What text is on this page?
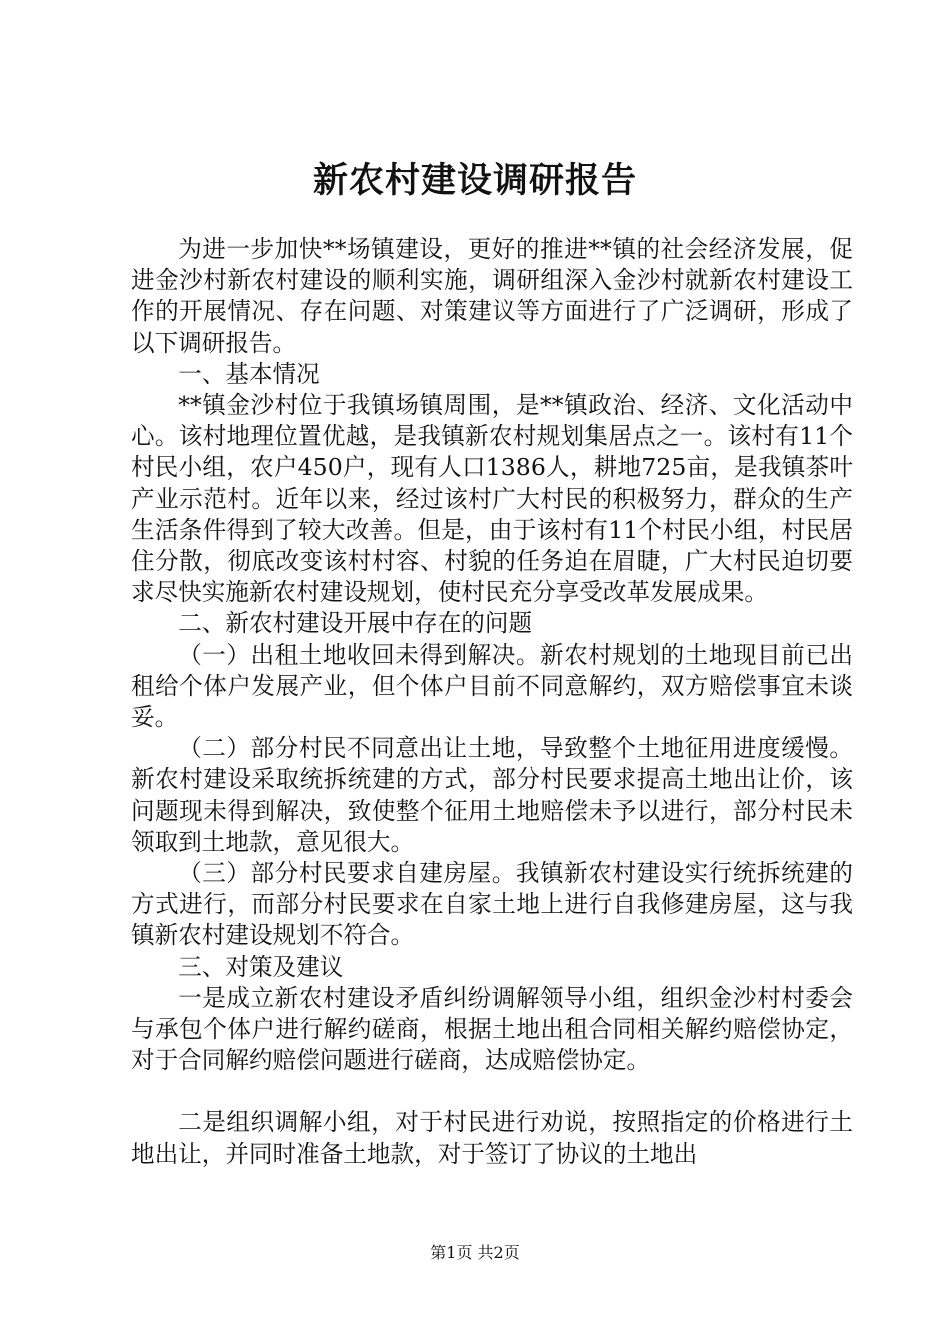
新农村建设调研报告

为进一步加快**场镇建设，更好的推进**镇的社会经济发展，促进金沙村新农村建设的顺利实施，调研组深入金沙村就新农村建设工作的开展情况、存在问题、对策建议等方面进行了广泛调研，形成了以下调研报告。

一、基本情况

**镇金沙村位于我镇场镇周围，是**镇政治、经济、文化活动中心。该村地理位置优越，是我镇新农村规划集居点之一。该村有11个村民小组，农户450户，现有人口1386人，耕地725亩，是我镇茶叶产业示范村。近年以来，经过该村广大村民的积极努力，群众的生产生活条件得到了较大改善。但是，由于该村有11个村民小组，村民居住分散，彻底改变该村村容、村貌的任务迫在眉睫，广大村民迫切要求尽快实施新农村建设规划，使村民充分享受改革发展成果。

二、新农村建设开展中存在的问题

（一）出租土地收回未得到解决。新农村规划的土地现目前已出租给个体户发展产业，但个体户目前不同意解约，双方赔偿事宜未谈妥。

（二）部分村民不同意出让土地，导致整个土地征用进度缓慢。新农村建设采取统拆统建的方式，部分村民要求提高土地出让价，该问题现未得到解决，致使整个征用土地赔偿未予以进行，部分村民未领取到土地款，意见很大。

（三）部分村民要求自建房屋。我镇新农村建设实行统拆统建的方式进行，而部分村民要求在自家土地上进行自我修建房屋，这与我镇新农村建设规划不符合。

三、对策及建议

一是成立新农村建设矛盾纠纷调解领导小组，组织金沙村村委会与承包个体户进行解约磋商，根据土地出租合同相关解约赔偿协定，对于合同解约赔偿问题进行磋商，达成赔偿协定。

二是组织调解小组，对于村民进行劝说，按照指定的价格进行土地出让，并同时准备土地款，对于签订了协议的土地出

第1页 共2页
